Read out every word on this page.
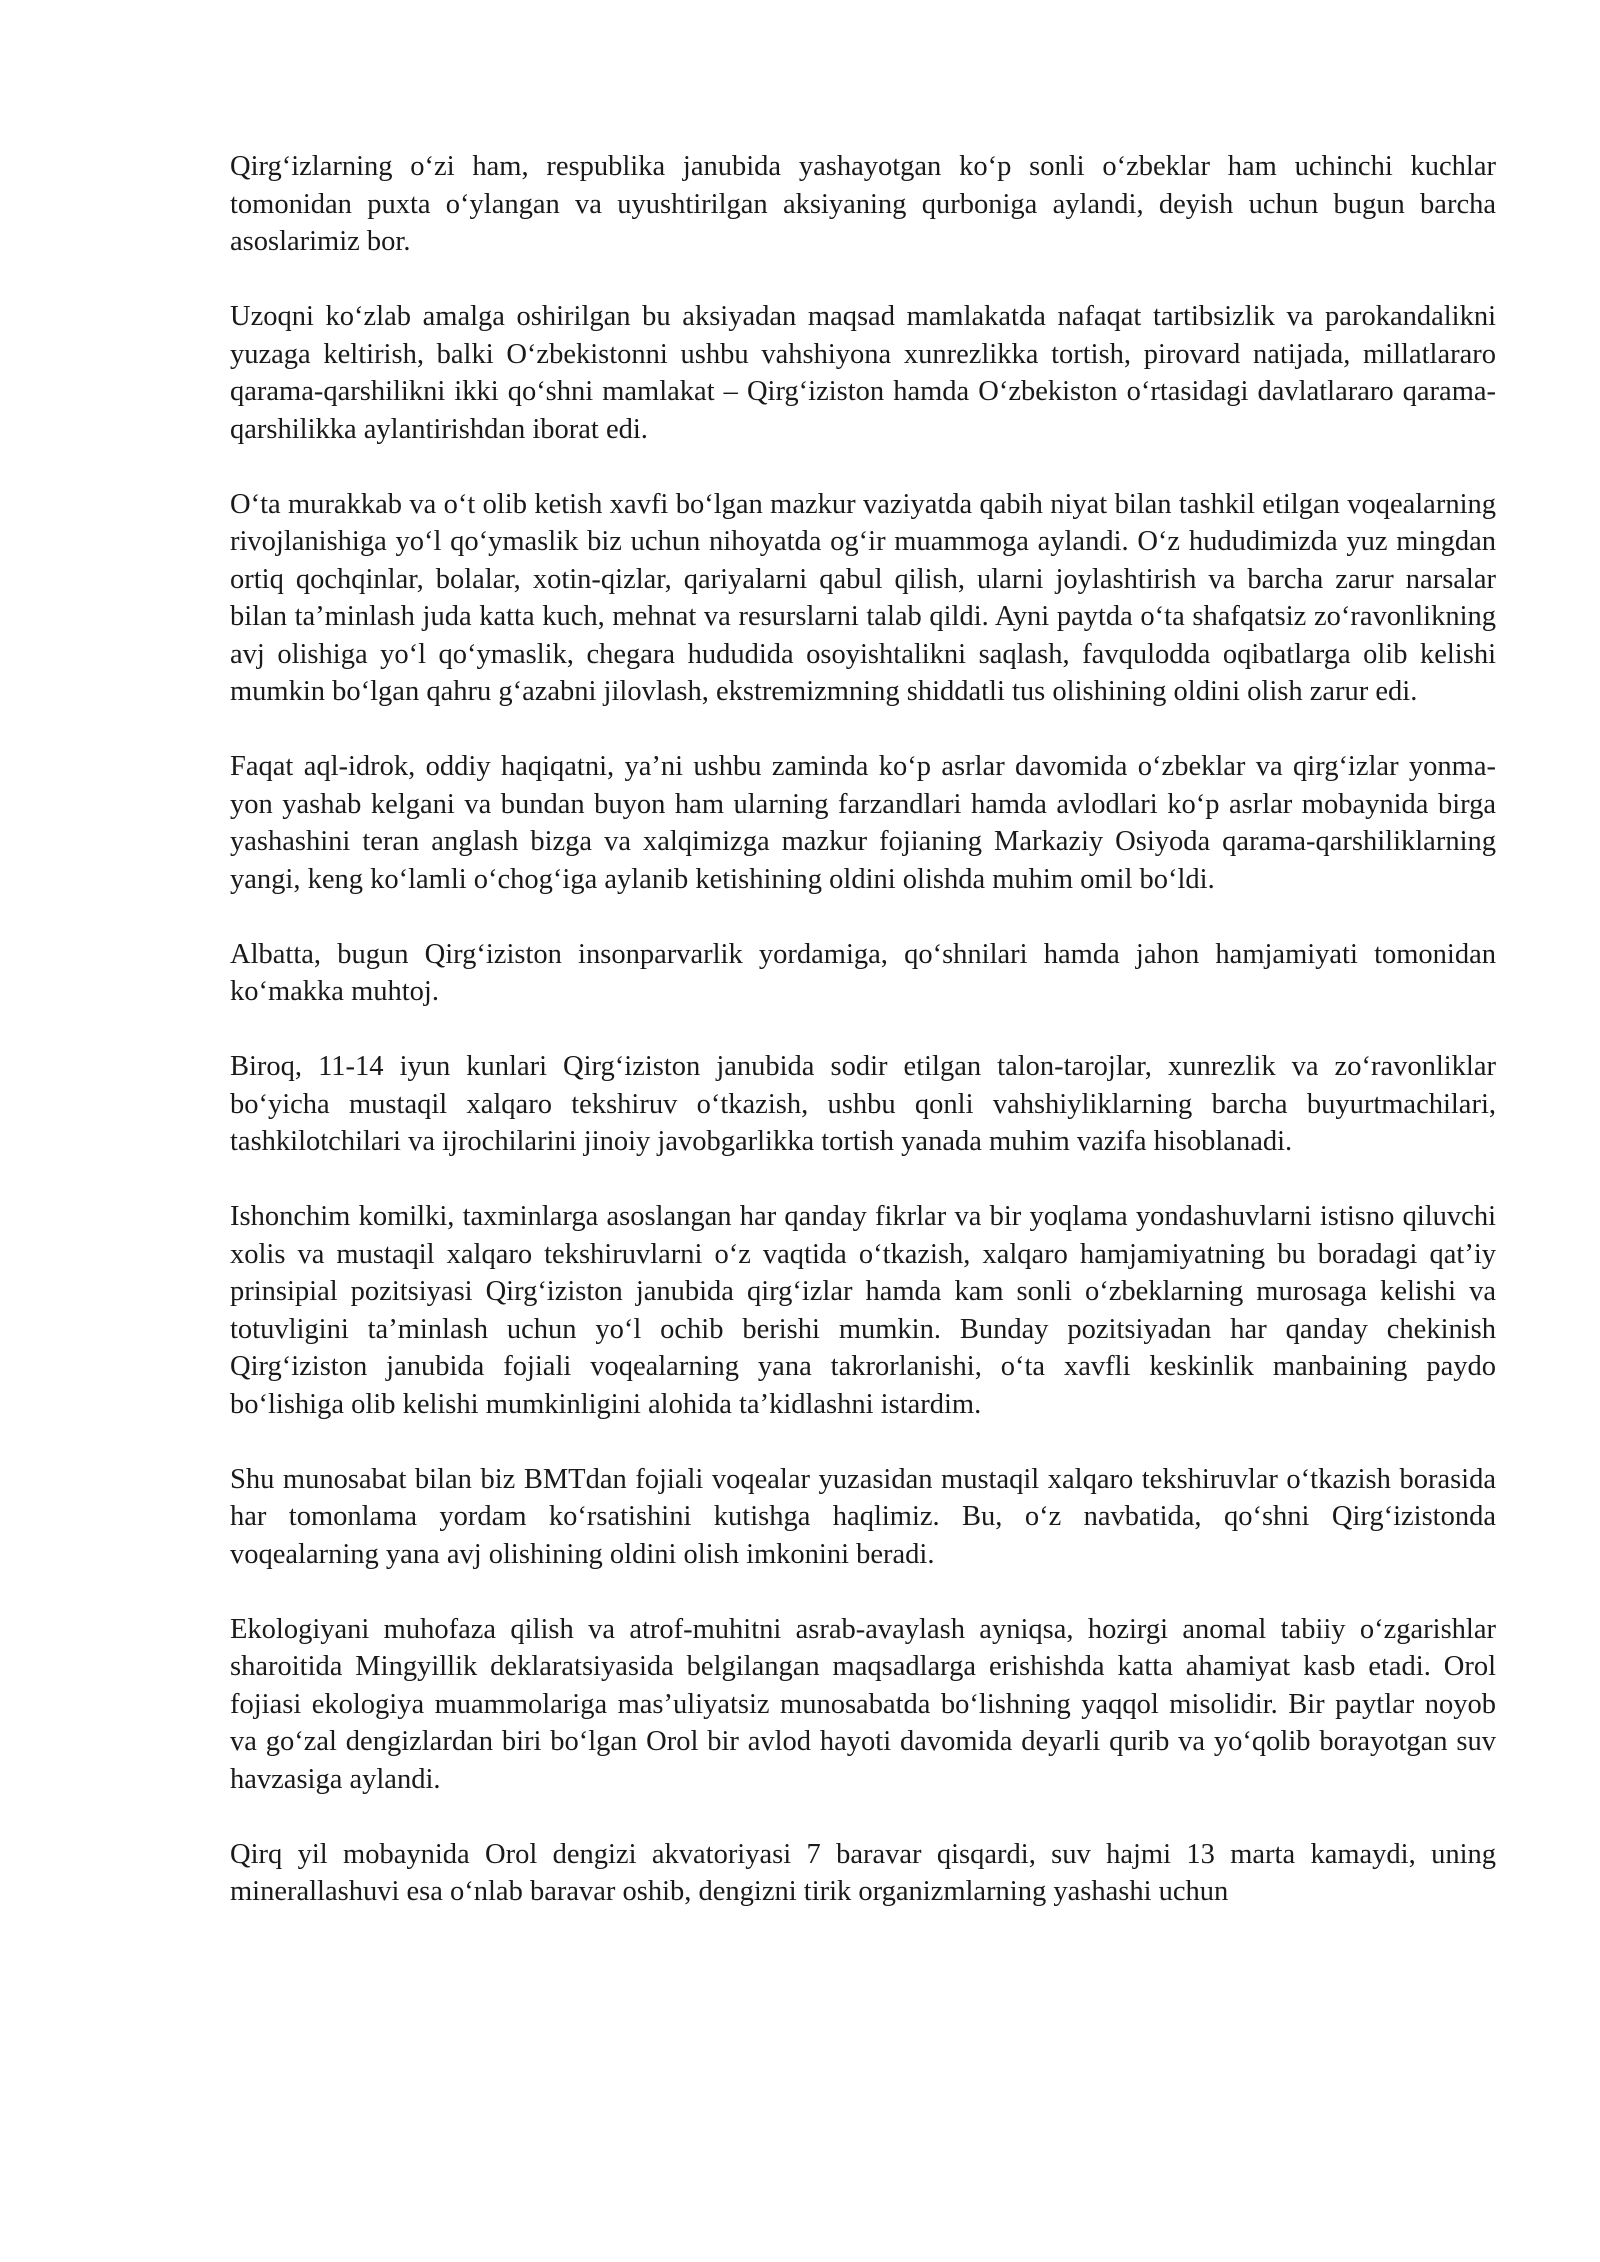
Qirg‘izlarning o‘zi ham, respublika janubida yashayotgan ko‘p sonli o‘zbeklar ham uchinchi kuchlar tomonidan puxta o‘ylangan va uyushtirilgan aksiyaning qurboniga aylandi, deyish uchun bugun barcha asoslarimiz bor.

Uzoqni ko‘zlab amalga oshirilgan bu aksiyadan maqsad mamlakatda nafaqat tartibsizlik va parokandalikni yuzaga keltirish, balki O‘zbekistonni ushbu vahshiyona xunrezlikka tortish, pirovard natijada, millatlararo qarama-qarshilikni ikki qo‘shni mamlakat – Qirg‘iziston hamda O‘zbekiston o‘rtasidagi davlatlararo qarama-qarshilikka aylantirishdan iborat edi.

O‘ta murakkab va o‘t olib ketish xavfi bo‘lgan mazkur vaziyatda qabih niyat bilan tashkil etilgan voqealarning rivojlanishiga yo‘l qo‘ymaslik biz uchun nihoyatda og‘ir muammoga aylandi. O‘z hududimizda yuz mingdan ortiq qochqinlar, bolalar, xotin-qizlar, qariyalarni qabul qilish, ularni joylashtirish va barcha zarur narsalar bilan ta’minlash juda katta kuch, mehnat va resurslarni talab qildi. Ayni paytda o‘ta shafqatsiz zo‘ravonlikning avj olishiga yo‘l qo‘ymaslik, chegara hududida osoyishtalikni saqlash, favqulodda oqibatlarga olib kelishi mumkin bo‘lgan qahru g‘azabni jilovlash, ekstremizmning shiddatli tus olishining oldini olish zarur edi.

Faqat aql-idrok, oddiy haqiqatni, ya’ni ushbu zaminda ko‘p asrlar davomida o‘zbeklar va qirg‘izlar yonma-yon yashab kelgani va bundan buyon ham ularning farzandlari hamda avlodlari ko‘p asrlar mobaynida birga yashashini teran anglash bizga va xalqimizga mazkur fojianing Markaziy Osiyoda qarama-qarshiliklarning yangi, keng ko‘lamli o‘chog‘iga aylanib ketishining oldini olishda muhim omil bo‘ldi.

Albatta, bugun Qirg‘iziston insonparvarlik yordamiga, qo‘shnilari hamda jahon hamjamiyati tomonidan ko‘makka muhtoj.

Biroq, 11-14 iyun kunlari Qirg‘iziston janubida sodir etilgan talon-tarojlar, xunrezlik va zo‘ravonliklar bo‘yicha mustaqil xalqaro tekshiruv o‘tkazish, ushbu qonli vahshiyliklarning barcha buyurtmachilari, tashkilotchilari va ijrochilarini jinoiy javobgarlikka tortish yanada muhim vazifa hisoblanadi.

Ishonchim komilki, taxminlarga asoslangan har qanday fikrlar va bir yoqlama yondashuvlarni istisno qiluvchi xolis va mustaqil xalqaro tekshiruvlarni o‘z vaqtida o‘tkazish, xalqaro hamjamiyatning bu boradagi qat’iy prinsipial pozitsiyasi Qirg‘iziston janubida qirg‘izlar hamda kam sonli o‘zbeklarning murosaga kelishi va totuvligini ta’minlash uchun yo‘l ochib berishi mumkin. Bunday pozitsiyadan har qanday chekinish Qirg‘iziston janubida fojiali voqealarning yana takrorlanishi, o‘ta xavfli keskinlik manbaining paydo bo‘lishiga olib kelishi mumkinligini alohida ta’kidlashni istardim.

Shu munosabat bilan biz BMTdan fojiali voqealar yuzasidan mustaqil xalqaro tekshiruvlar o‘tkazish borasida har tomonlama yordam ko‘rsatishini kutishga haqlimiz. Bu, o‘z navbatida, qo‘shni Qirg‘izistonda voqealarning yana avj olishining oldini olish imkonini beradi.

Ekologiyani muhofaza qilish va atrof-muhitni asrab-avaylash ayniqsa, hozirgi anomal tabiiy o‘zgarishlar sharoitida Mingyillik deklaratsiyasida belgilangan maqsadlarga erishishda katta ahamiyat kasb etadi. Orol fojiasi ekologiya muammolariga mas’uliyatsiz munosabatda bo‘lishning yaqqol misolidir. Bir paytlar noyob va go‘zal dengizlardan biri bo‘lgan Orol bir avlod hayoti davomida deyarli qurib va yo‘qolib borayotgan suv havzasiga aylandi.

Qirq yil mobaynida Orol dengizi akvatoriyasi 7 baravar qisqardi, suv hajmi 13 marta kamaydi, uning minerallashuvi esa o‘nlab baravar oshib, dengizni tirik organizmlarning yashashi uchun
